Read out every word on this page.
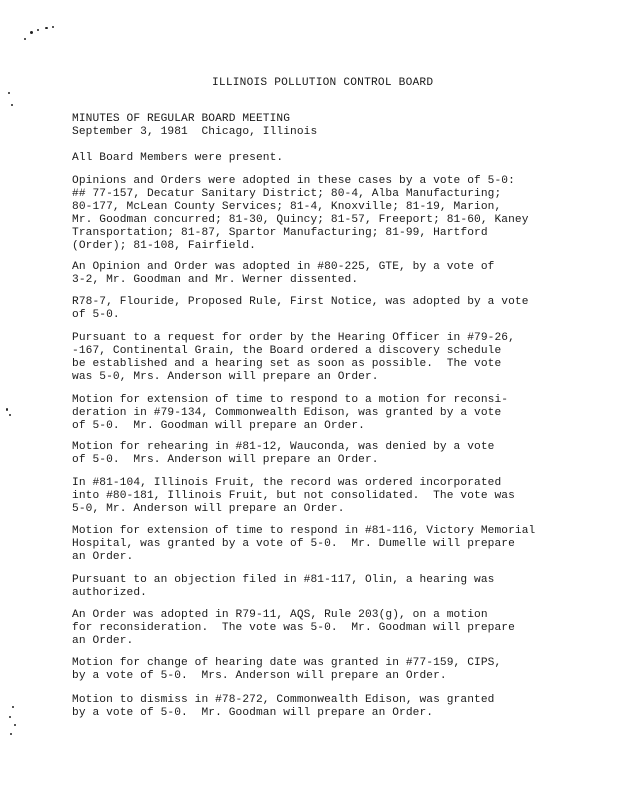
ILLINOIS POLLUTION CONTROL BOARD
MINUTES OF REGULAR BOARD MEETING
September 3, 1981  Chicago, Illinois
All Board Members were present.
Opinions and Orders were adopted in these cases by a vote of 5-0:
## 77-157, Decatur Sanitary District; 80-4, Alba Manufacturing;
80-177, McLean County Services; 81-4, Knoxville; 81-19, Marion,
Mr. Goodman concurred; 81-30, Quincy; 81-57, Freeport; 81-60, Kaney
Transportation; 81-87, Spartor Manufacturing; 81-99, Hartford
(Order); 81-108, Fairfield.
An Opinion and Order was adopted in #80-225, GTE, by a vote of
3-2, Mr. Goodman and Mr. Werner dissented.
R78-7, Flouride, Proposed Rule, First Notice, was adopted by a vote
of 5-0.
Pursuant to a request for order by the Hearing Officer in #79-26,
-167, Continental Grain, the Board ordered a discovery schedule
be established and a hearing set as soon as possible.  The vote
was 5-0, Mrs. Anderson will prepare an Order.
Motion for extension of time to respond to a motion for reconsi-
deration in #79-134, Commonwealth Edison, was granted by a vote
of 5-0.  Mr. Goodman will prepare an Order.
Motion for rehearing in #81-12, Wauconda, was denied by a vote
of 5-0.  Mrs. Anderson will prepare an Order.
In #81-104, Illinois Fruit, the record was ordered incorporated
into #80-181, Illinois Fruit, but not consolidated.  The vote was
5-0, Mr. Anderson will prepare an Order.
Motion for extension of time to respond in #81-116, Victory Memorial
Hospital, was granted by a vote of 5-0.  Mr. Dumelle will prepare
an Order.
Pursuant to an objection filed in #81-117, Olin, a hearing was
authorized.
An Order was adopted in R79-11, AQS, Rule 203(g), on a motion
for reconsideration.  The vote was 5-0.  Mr. Goodman will prepare
an Order.
Motion for change of hearing date was granted in #77-159, CIPS,
by a vote of 5-0.  Mrs. Anderson will prepare an Order.
Motion to dismiss in #78-272, Commonwealth Edison, was granted
by a vote of 5-0.  Mr. Goodman will prepare an Order.
